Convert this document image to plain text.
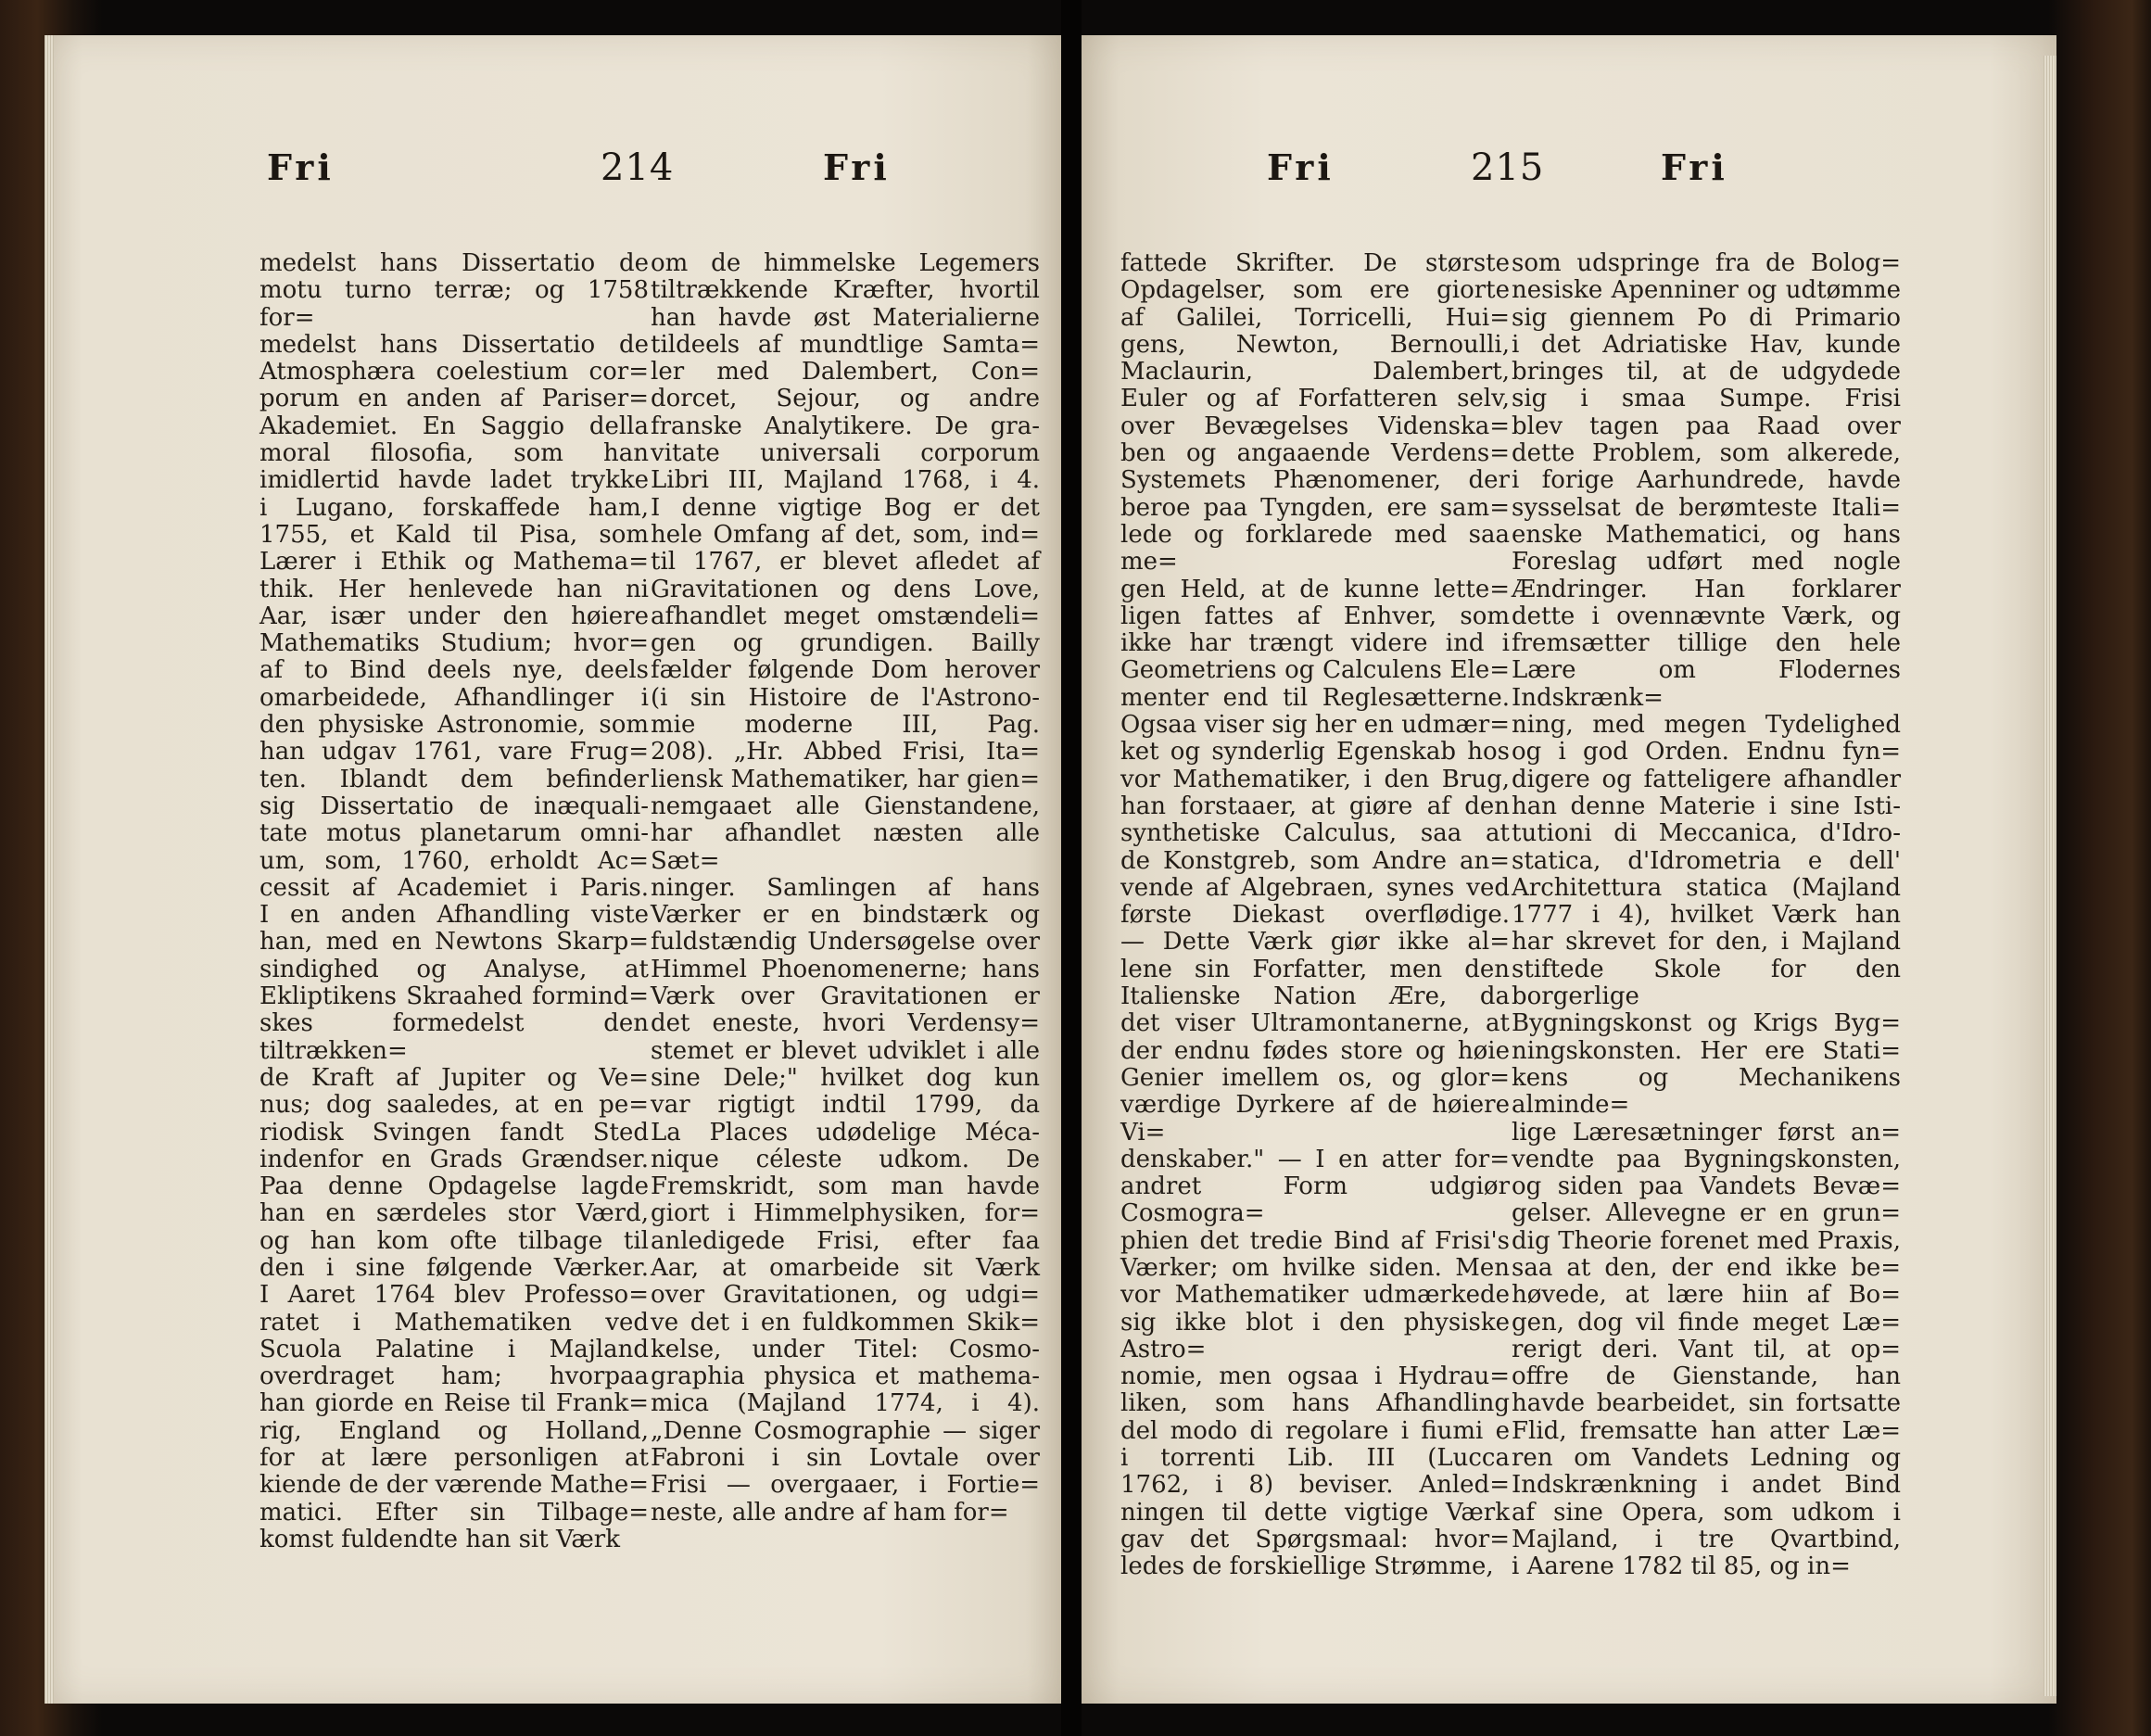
Fri	214	Fri
medelst hans Dissertatio de
motu turno terræ; og 1758 for=
medelst hans Dissertatio de
Atmosphæra coelestium cor=
porum en anden af Pariser=
Akademiet. En Saggio della
moral filosofia, som han
imidlertid havde ladet trykke
i Lugano, forskaffede ham,
1755, et Kald til Pisa, som
Lærer i Ethik og Mathema=
thik. Her henlevede han ni
Aar, især under den høiere
Mathematiks Studium; hvor=
af to Bind deels nye, deels
omarbeidede, Afhandlinger i
den physiske Astronomie, som
han udgav 1761, vare Frug=
ten. Iblandt dem befinder
sig Dissertatio de inæquali-
tate motus planetarum omni-
um, som, 1760, erholdt Ac=
cessit af Academiet i Paris.
I en anden Afhandling viste
han, med en Newtons Skarp=
sindighed og Analyse, at
Ekliptikens Skraahed formind=
skes formedelst den tiltrækken=
de Kraft af Jupiter og Ve=
nus; dog saaledes, at en pe=
riodisk Svingen fandt Sted
indenfor en Grads Grændser.
Paa denne Opdagelse lagde
han en særdeles stor Værd,
og han kom ofte tilbage til
den i sine følgende Værker.
I Aaret 1764 blev Professo=
ratet i Mathematiken ved
Scuola Palatine i Majland
overdraget ham; hvorpaa
han giorde en Reise til Frank=
rig, England og Holland,
for at lære personligen at
kiende de der værende Mathe=
matici. Efter sin Tilbage=
komst fuldendte han sit Værk
om de himmelske Legemers
tiltrækkende Kræfter, hvortil
han havde øst Materialierne
tildeels af mundtlige Samta=
ler med Dalembert, Con=
dorcet, Sejour, og andre
franske Analytikere. De gra-
vitate universali corporum
Libri III, Majland 1768, i 4.
I denne vigtige Bog er det
hele Omfang af det, som, ind=
til 1767, er blevet afledet af
Gravitationen og dens Love,
afhandlet meget omstændeli=
gen og grundigen. Bailly
fælder følgende Dom herover
(i sin Histoire de l'Astrono-
mie moderne III, Pag.
208). „Hr. Abbed Frisi, Ita=
liensk Mathematiker, har gien=
nemgaaet alle Gienstandene,
har afhandlet næsten alle Sæt=
ninger. Samlingen af hans
Værker er en bindstærk og
fuldstændig Undersøgelse over
Himmel Phoenomenerne; hans
Værk over Gravitationen er
det eneste, hvori Verdensy=
stemet er blevet udviklet i alle
sine Dele;" hvilket dog kun
var rigtigt indtil 1799, da
La Places udødelige Méca-
nique céleste udkom. De
Fremskridt, som man havde
giort i Himmelphysiken, for=
anledigede Frisi, efter faa
Aar, at omarbeide sit Værk
over Gravitationen, og udgi=
ve det i en fuldkommen Skik=
kelse, under Titel: Cosmo-
graphia physica et mathema-
mica (Majland 1774, i 4).
„Denne Cosmographie — siger
Fabroni i sin Lovtale over
Frisi — overgaaer, i Fortie=
neste, alle andre af ham for=
Fri	215	Fri
fattede Skrifter. De største
Opdagelser, som ere giorte
af Galilei, Torricelli, Hui=
gens, Newton, Bernoulli,
Maclaurin, Dalembert,
Euler og af Forfatteren selv,
over Bevægelses Videnska=
ben og angaaende Verdens=
Systemets Phænomener, der
beroe paa Tyngden, ere sam=
lede og forklarede med saa me=
gen Held, at de kunne lette=
ligen fattes af Enhver, som
ikke har trængt videre ind i
Geometriens og Calculens Ele=
menter end til Reglesætterne.
Ogsaa viser sig her en udmær=
ket og synderlig Egenskab hos
vor Mathematiker, i den Brug,
han forstaaer, at giøre af den
synthetiske Calculus, saa at
de Konstgreb, som Andre an=
vende af Algebraen, synes ved
første Diekast overflødige.
— Dette Værk giør ikke al=
lene sin Forfatter, men den
Italienske Nation Ære, da
det viser Ultramontanerne, at
der endnu fødes store og høie
Genier imellem os, og glor=
værdige Dyrkere af de høiere Vi=
denskaber." — I en atter for=
andret Form udgiør Cosmogra=
phien det tredie Bind af Frisi's
Værker; om hvilke siden. Men
vor Mathematiker udmærkede
sig ikke blot i den physiske Astro=
nomie, men ogsaa i Hydrau=
liken, som hans Afhandling
del modo di regolare i fiumi e
i torrenti Lib. III (Lucca
1762, i 8) beviser. Anled=
ningen til dette vigtige Værk
gav det Spørgsmaal: hvor=
ledes de forskiellige Strømme,
som udspringe fra de Bolog=
nesiske Apenniner og udtømme
sig giennem Po di Primario
i det Adriatiske Hav, kunde
bringes til, at de udgydede
sig i smaa Sumpe. Frisi
blev tagen paa Raad over
dette Problem, som alkerede,
i forige Aarhundrede, havde
sysselsat de berømteste Itali=
enske Mathematici, og hans
Foreslag udført med nogle
Ændringer. Han forklarer
dette i ovennævnte Værk, og
fremsætter tillige den hele
Lære om Flodernes Indskrænk=
ning, med megen Tydelighed
og i god Orden. Endnu fyn=
digere og fatteligere afhandler
han denne Materie i sine Isti-
tutioni di Meccanica, d'Idro-
statica, d'Idrometria e dell'
Architettura statica (Majland
1777 i 4), hvilket Værk han
har skrevet for den, i Majland
stiftede Skole for den borgerlige
Bygningskonst og Krigs Byg=
ningskonsten. Her ere Stati=
kens og Mechanikens alminde=
lige Læresætninger først an=
vendte paa Bygningskonsten,
og siden paa Vandets Bevæ=
gelser. Allevegne er en grun=
dig Theorie forenet med Praxis,
saa at den, der end ikke be=
høvede, at lære hiin af Bo=
gen, dog vil finde meget Læ=
rerigt deri. Vant til, at op=
offre de Gienstande, han
havde bearbeidet, sin fortsatte
Flid, fremsatte han atter Læ=
ren om Vandets Ledning og
Indskrænkning i andet Bind
af sine Opera, som udkom i
Majland, i tre Qvartbind,
i Aarene 1782 til 85, og in=
